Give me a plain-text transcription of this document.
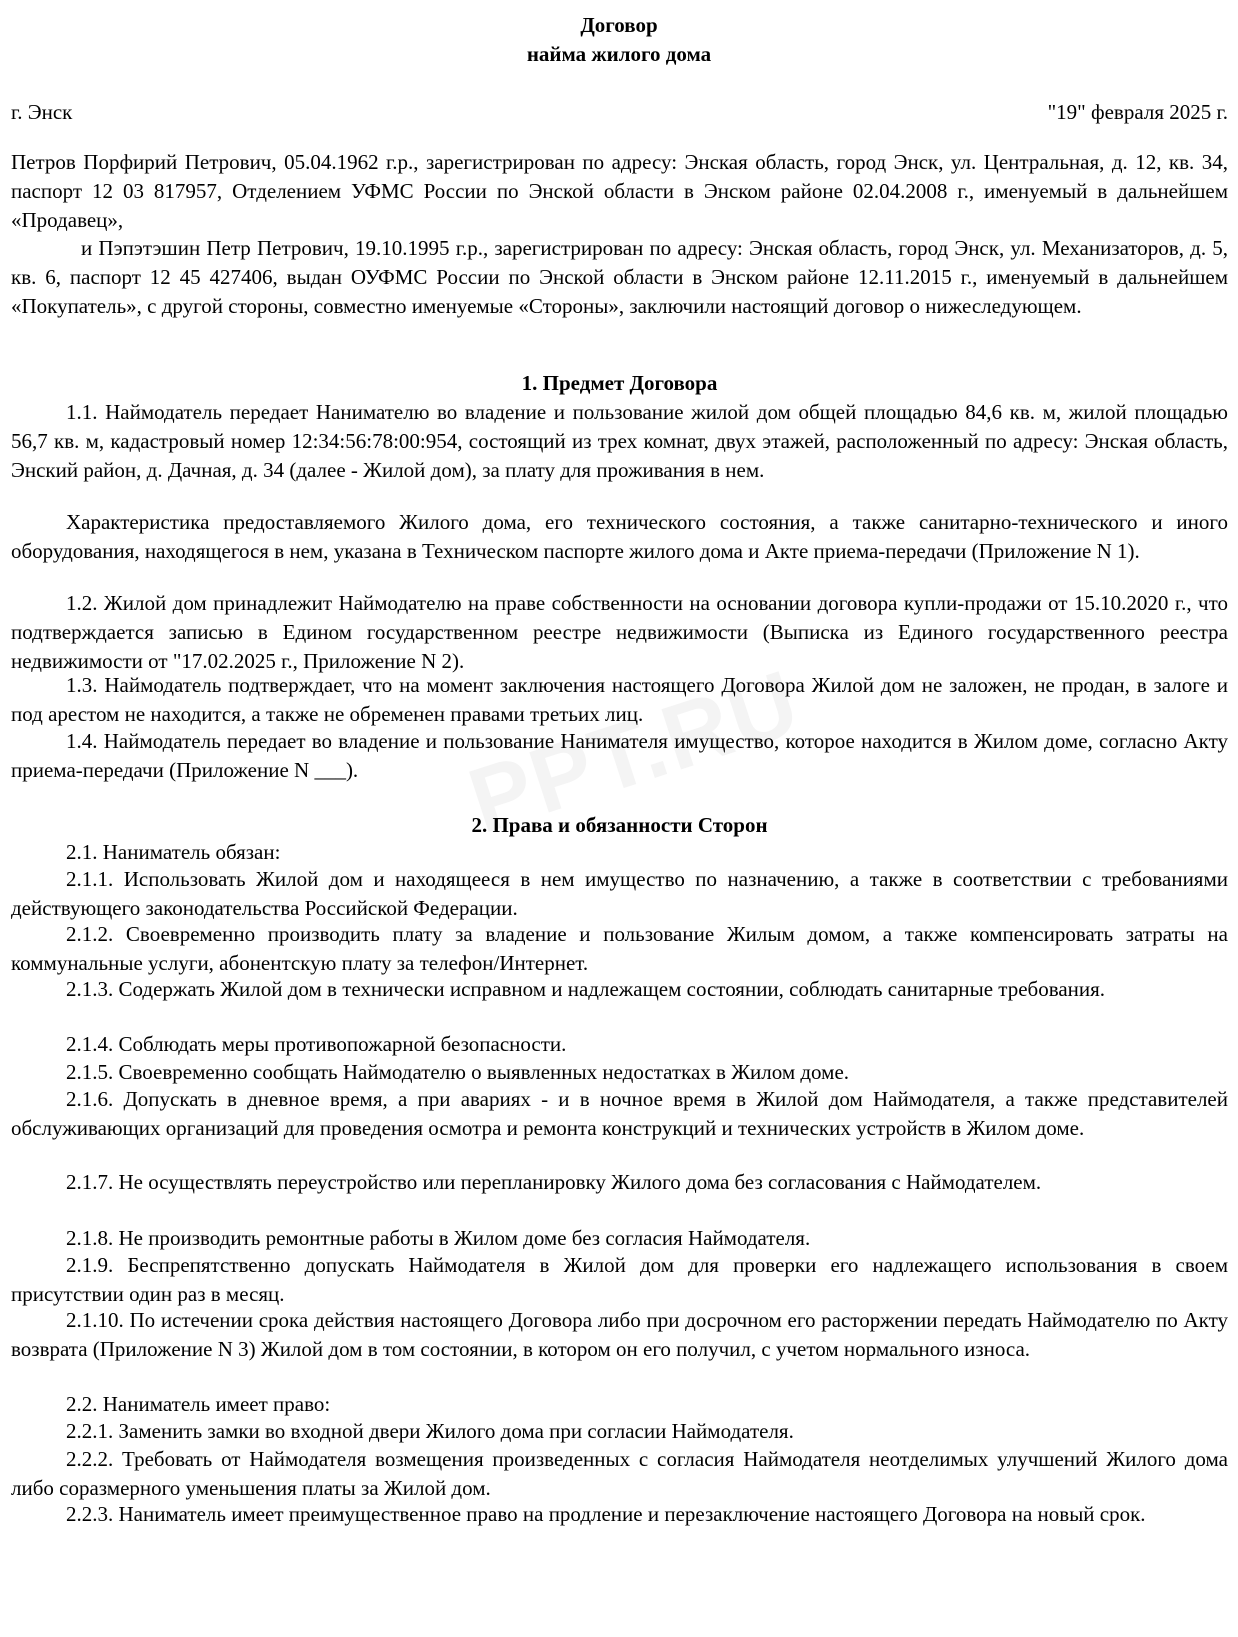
Договор
найма жилого дома
г. Энск	"19" февраля 2025 г.

Петров Порфирий Петрович, 05.04.1962 г.р., зарегистрирован по адресу: Энская область, город Энск, ул. Центральная, д. 12, кв. 34, паспорт 12 03 817957, Отделением УФМС России по Энской области в Энском районе 02.04.2008 г., именуемый в дальнейшем «Продавец»,

и Пэпэтэшин Петр Петрович, 19.10.1995 г.р., зарегистрирован по адресу: Энская область, город Энск, ул. Механизаторов, д. 5, кв. 6, паспорт 12 45 427406, выдан ОУФМС России по Энской области в Энском районе 12.11.2015 г., именуемый в дальнейшем «Покупатель», с другой стороны, совместно именуемые «Стороны», заключили настоящий договор о нижеследующем.

1. Предмет Договора

1.1. Наймодатель передает Нанимателю во владение и пользование жилой дом общей площадью 84,6 кв. м, жилой площадью 56,7 кв. м, кадастровый номер 12:34:56:78:00:954, состоящий из трех комнат, двух этажей, расположенный по адресу: Энская область, Энский район, д. Дачная, д. 34 (далее - Жилой дом), за плату для проживания в нем.

Характеристика предоставляемого Жилого дома, его технического состояния, а также санитарно-технического и иного оборудования, находящегося в нем, указана в Техническом паспорте жилого дома и Акте приема-передачи (Приложение N 1).

1.2. Жилой дом принадлежит Наймодателю на праве собственности на основании договора купли-продажи от 15.10.2020 г., что подтверждается записью в Едином государственном реестре недвижимости (Выписка из Единого государственного реестра недвижимости от "17.02.2025 г., Приложение N 2).

1.3. Наймодатель подтверждает, что на момент заключения настоящего Договора Жилой дом не заложен, не продан, в залоге и под арестом не находится, а также не обременен правами третьих лиц.

1.4. Наймодатель передает во владение и пользование Нанимателя имущество, которое находится в Жилом доме, согласно Акту приема-передачи (Приложение N ___).

2. Права и обязанности Сторон

2.1. Наниматель обязан:

2.1.1. Использовать Жилой дом и находящееся в нем имущество по назначению, а также в соответствии с требованиями действующего законодательства Российской Федерации.

2.1.2. Своевременно производить плату за владение и пользование Жилым домом, а также компенсировать затраты на коммунальные услуги, абонентскую плату за телефон/Интернет.

2.1.3. Содержать Жилой дом в технически исправном и надлежащем состоянии, соблюдать санитарные требования.

2.1.4. Соблюдать меры противопожарной безопасности.

2.1.5. Своевременно сообщать Наймодателю о выявленных недостатках в Жилом доме.

2.1.6. Допускать в дневное время, а при авариях - и в ночное время в Жилой дом Наймодателя, а также представителей обслуживающих организаций для проведения осмотра и ремонта конструкций и технических устройств в Жилом доме.

2.1.7. Не осуществлять переустройство или перепланировку Жилого дома без согласования с Наймодателем.

2.1.8. Не производить ремонтные работы в Жилом доме без согласия Наймодателя.

2.1.9. Беспрепятственно допускать Наймодателя в Жилой дом для проверки его надлежащего использования в своем присутствии один раз в месяц.

2.1.10. По истечении срока действия настоящего Договора либо при досрочном его расторжении передать Наймодателю по Акту возврата (Приложение N 3) Жилой дом в том состоянии, в котором он его получил, с учетом нормального износа.

2.2. Наниматель имеет право:

2.2.1. Заменить замки во входной двери Жилого дома при согласии Наймодателя.

2.2.2. Требовать от Наймодателя возмещения произведенных с согласия Наймодателя неотделимых улучшений Жилого дома либо соразмерного уменьшения платы за Жилой дом.

2.2.3. Наниматель имеет преимущественное право на продление и перезаключение настоящего Договора на новый срок.
